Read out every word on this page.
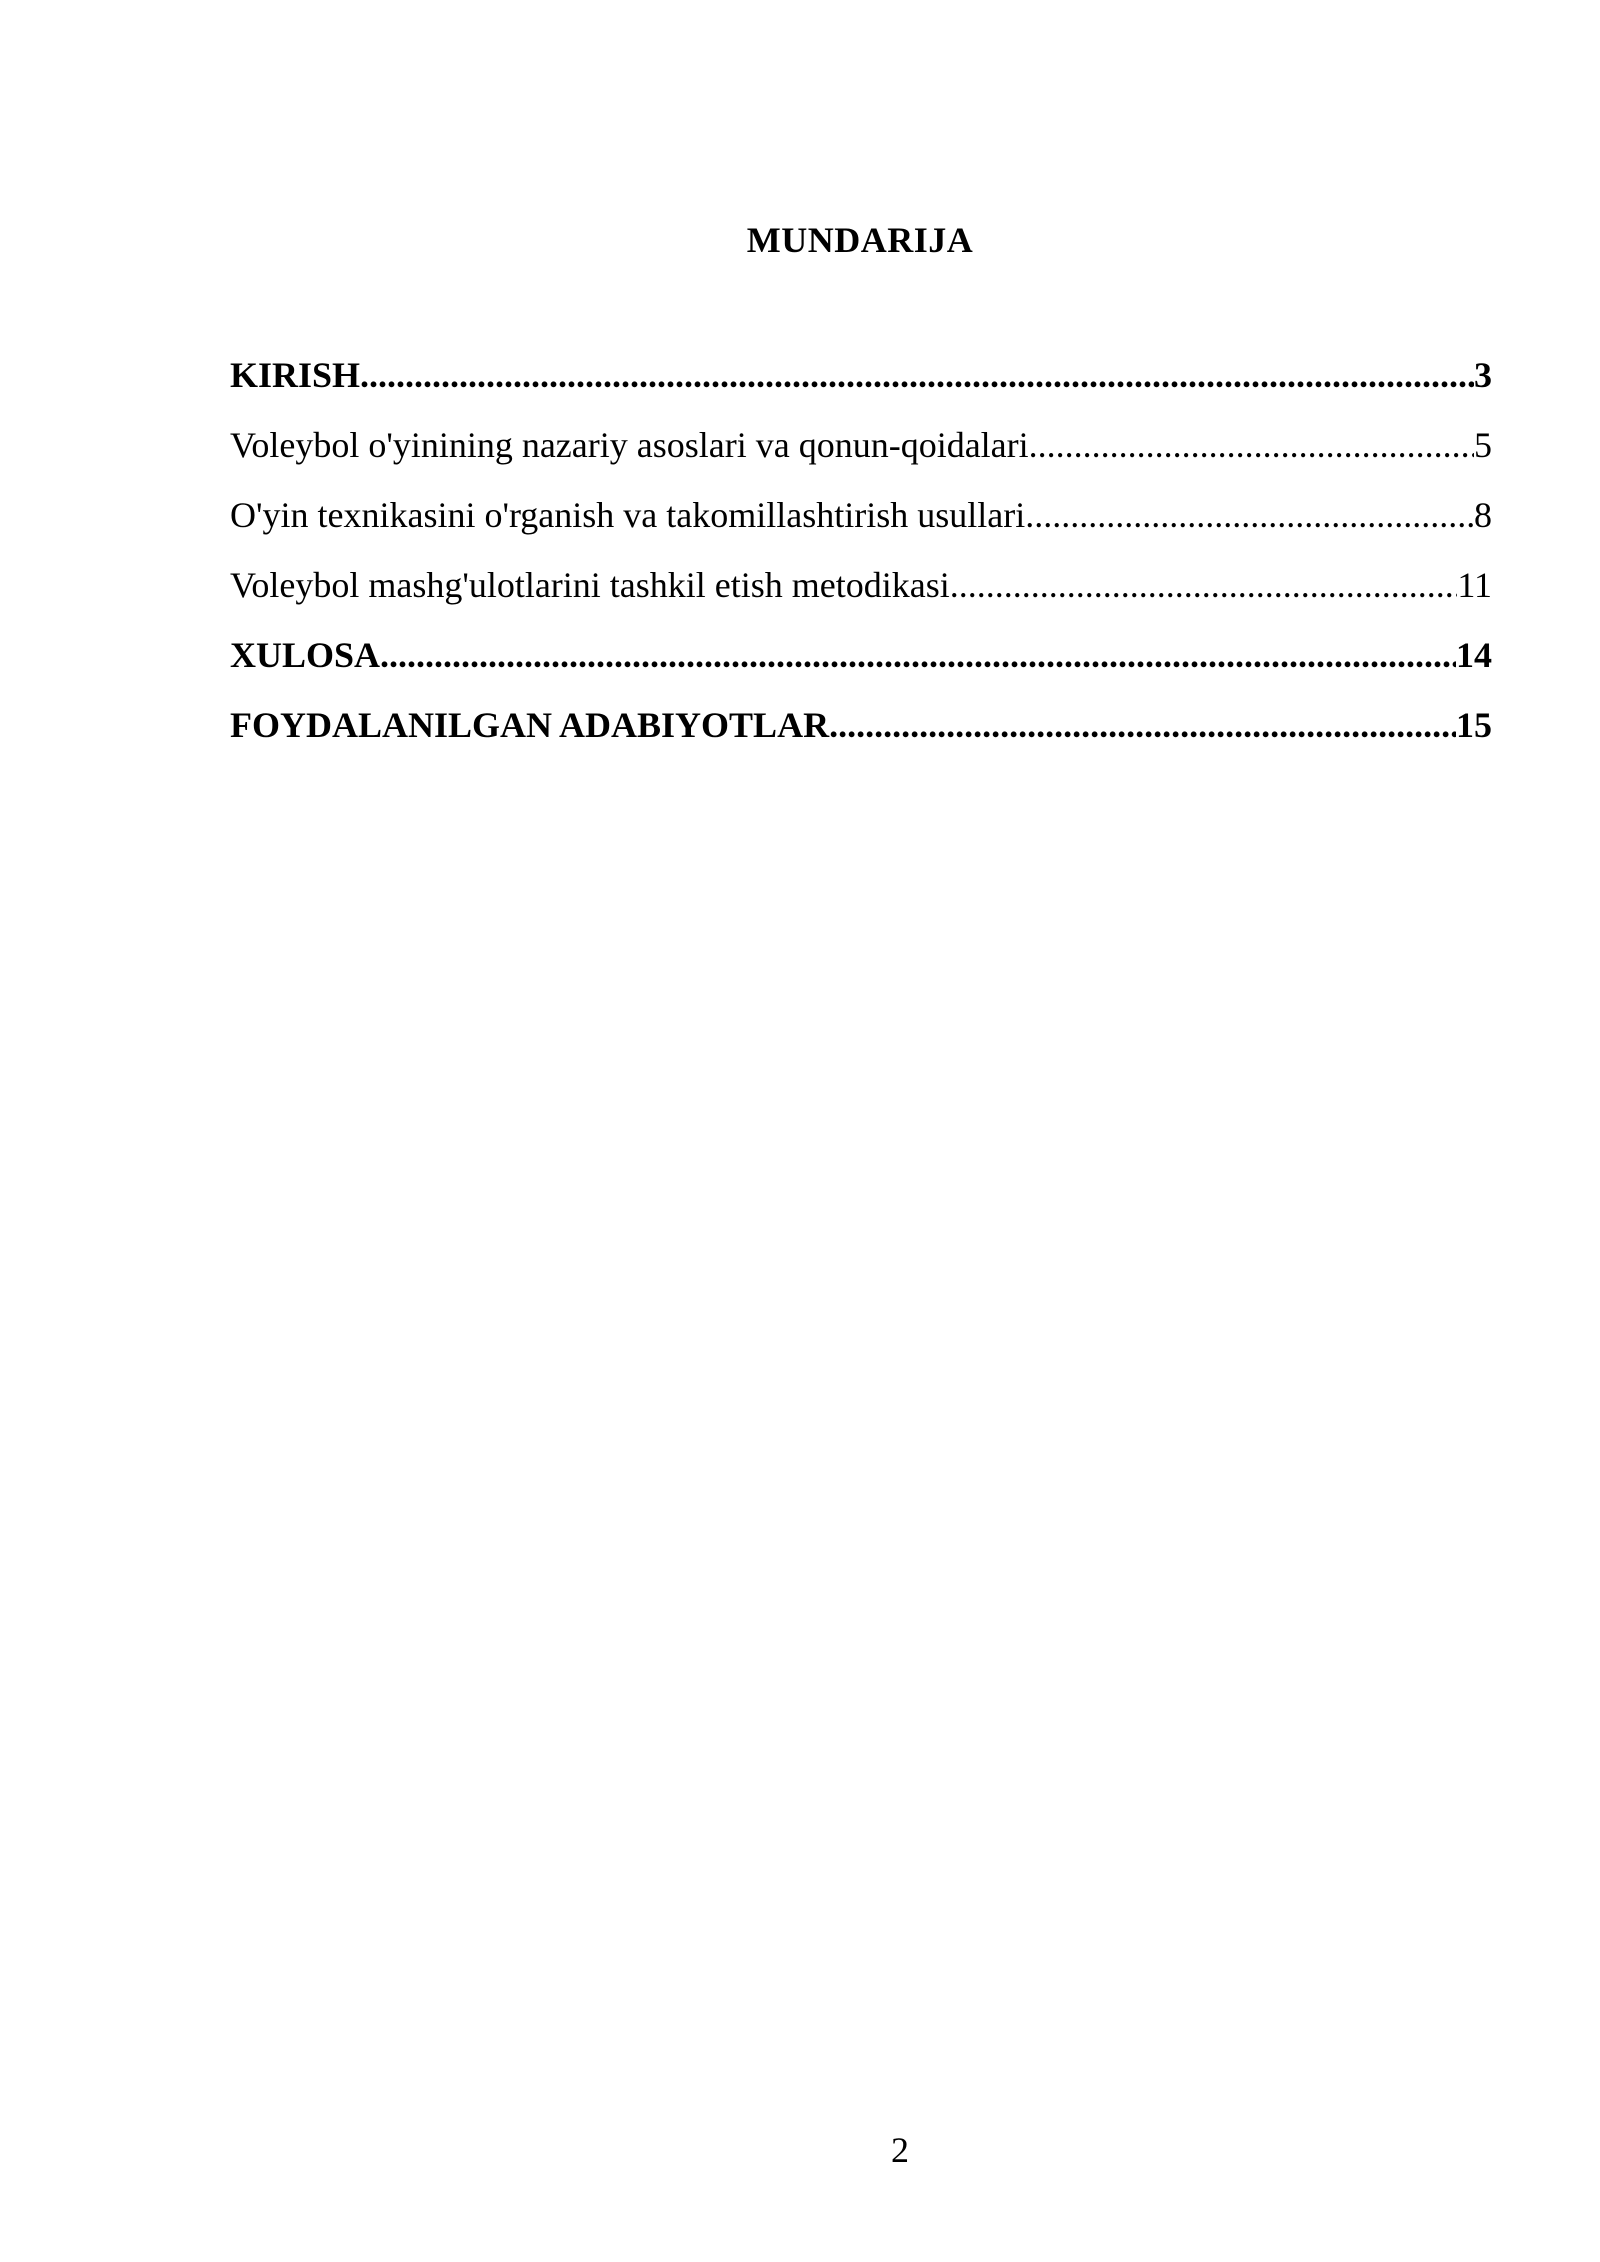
MUNDARIJA
KIRISH .....	3
Voleybol o'yinining nazariy asoslari va qonun-qoidalari .....	5
O'yin texnikasini o'rganish va takomillashtirish usullari .....	8
Voleybol mashg'ulotlarini tashkil etish metodikasi .....	11
XULOSA .....	14
FOYDALANILGAN ADABIYOTLAR .....	15
2
